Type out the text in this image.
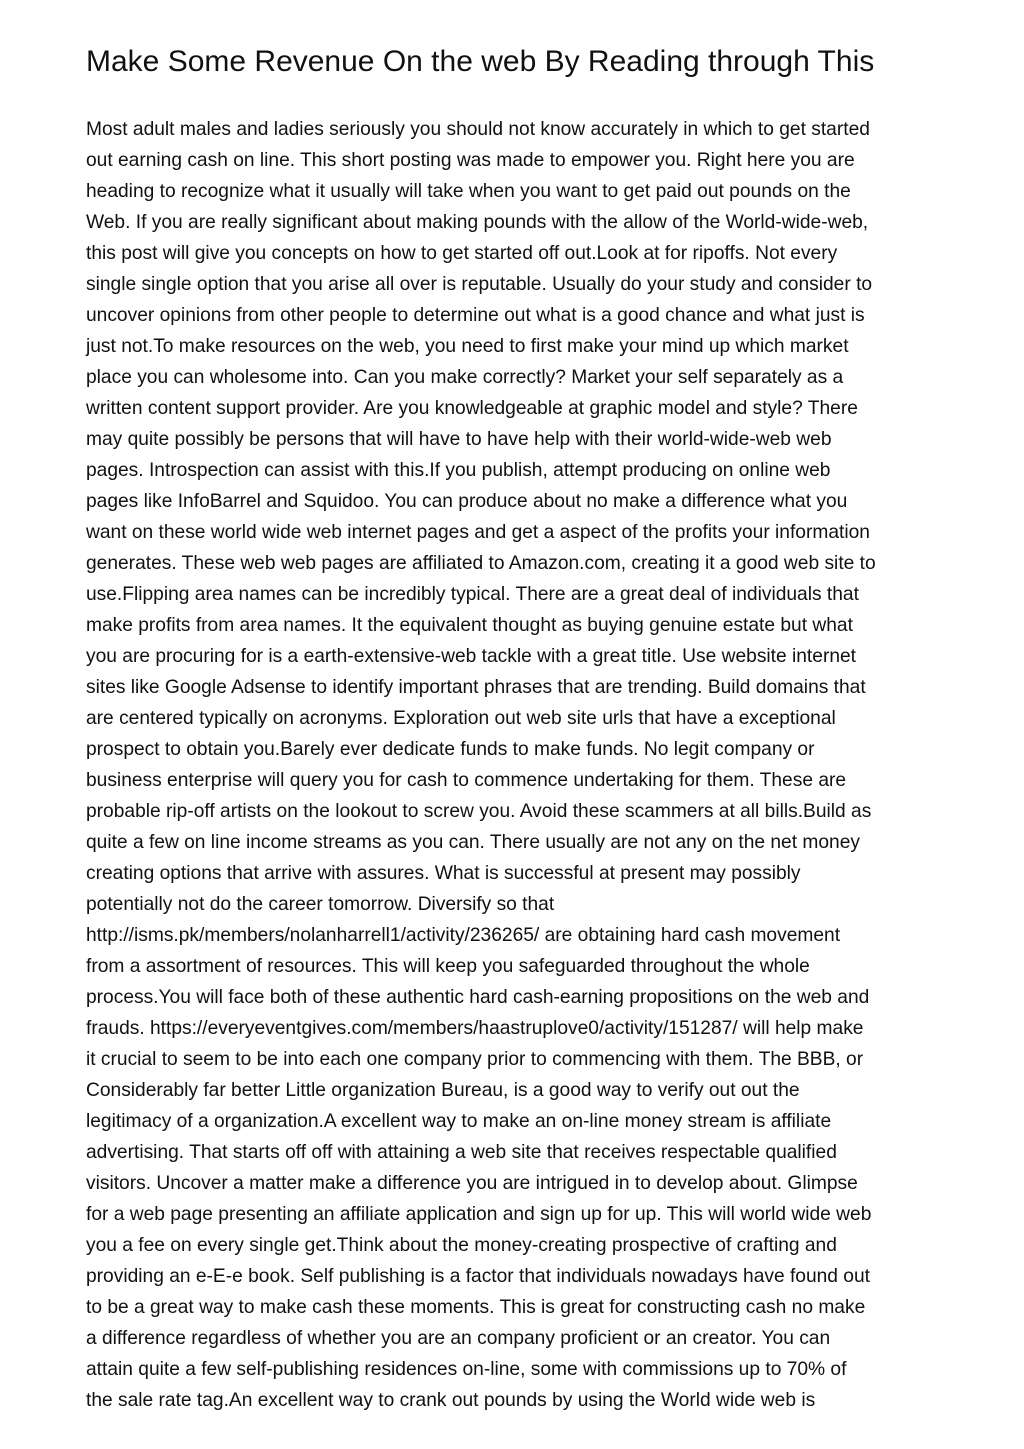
Make Some Revenue On the web By Reading through This
Most adult males and ladies seriously you should not know accurately in which to get started
out earning cash on line. This short posting was made to empower you. Right here you are
heading to recognize what it usually will take when you want to get paid out pounds on the
Web. If you are really significant about making pounds with the allow of the World-wide-web,
this post will give you concepts on how to get started off out.Look at for ripoffs. Not every
single single option that you arise all over is reputable. Usually do your study and consider to
uncover opinions from other people to determine out what is a good chance and what just is
just not.To make resources on the web, you need to first make your mind up which market
place you can wholesome into. Can you make correctly? Market your self separately as a
written content support provider. Are you knowledgeable at graphic model and style? There
may quite possibly be persons that will have to have help with their world-wide-web web
pages. Introspection can assist with this.If you publish, attempt producing on online web
pages like InfoBarrel and Squidoo. You can produce about no make a difference what you
want on these world wide web internet pages and get a aspect of the profits your information
generates. These web web pages are affiliated to Amazon.com, creating it a good web site to
use.Flipping area names can be incredibly typical. There are a great deal of individuals that
make profits from area names. It the equivalent thought as buying genuine estate but what
you are procuring for is a earth-extensive-web tackle with a great title. Use website internet
sites like Google Adsense to identify important phrases that are trending. Build domains that
are centered typically on acronyms. Exploration out web site urls that have a exceptional
prospect to obtain you.Barely ever dedicate funds to make funds. No legit company or
business enterprise will query you for cash to commence undertaking for them. These are
probable rip-off artists on the lookout to screw you. Avoid these scammers at all bills.Build as
quite a few on line income streams as you can. There usually are not any on the net money
creating options that arrive with assures. What is successful at present may possibly
potentially not do the career tomorrow. Diversify so that
http://isms.pk/members/nolanharrell1/activity/236265/ are obtaining hard cash movement
from a assortment of resources. This will keep you safeguarded throughout the whole
process.You will face both of these authentic hard cash-earning propositions on the web and
frauds. https://everyeventgives.com/members/haastruplove0/activity/151287/ will help make
it crucial to seem to be into each one company prior to commencing with them. The BBB, or
Considerably far better Little organization Bureau, is a good way to verify out out the
legitimacy of a organization.A excellent way to make an on-line money stream is affiliate
advertising. That starts off off with attaining a web site that receives respectable qualified
visitors. Uncover a matter make a difference you are intrigued in to develop about. Glimpse
for a web page presenting an affiliate application and sign up for up. This will world wide web
you a fee on every single get.Think about the money-creating prospective of crafting and
providing an e-E-e book. Self publishing is a factor that individuals nowadays have found out
to be a great way to make cash these moments. This is great for constructing cash no make
a difference regardless of whether you are an company proficient or an creator. You can
attain quite a few self-publishing residences on-line, some with commissions up to 70% of
the sale rate tag.An excellent way to crank out pounds by using the World wide web is
